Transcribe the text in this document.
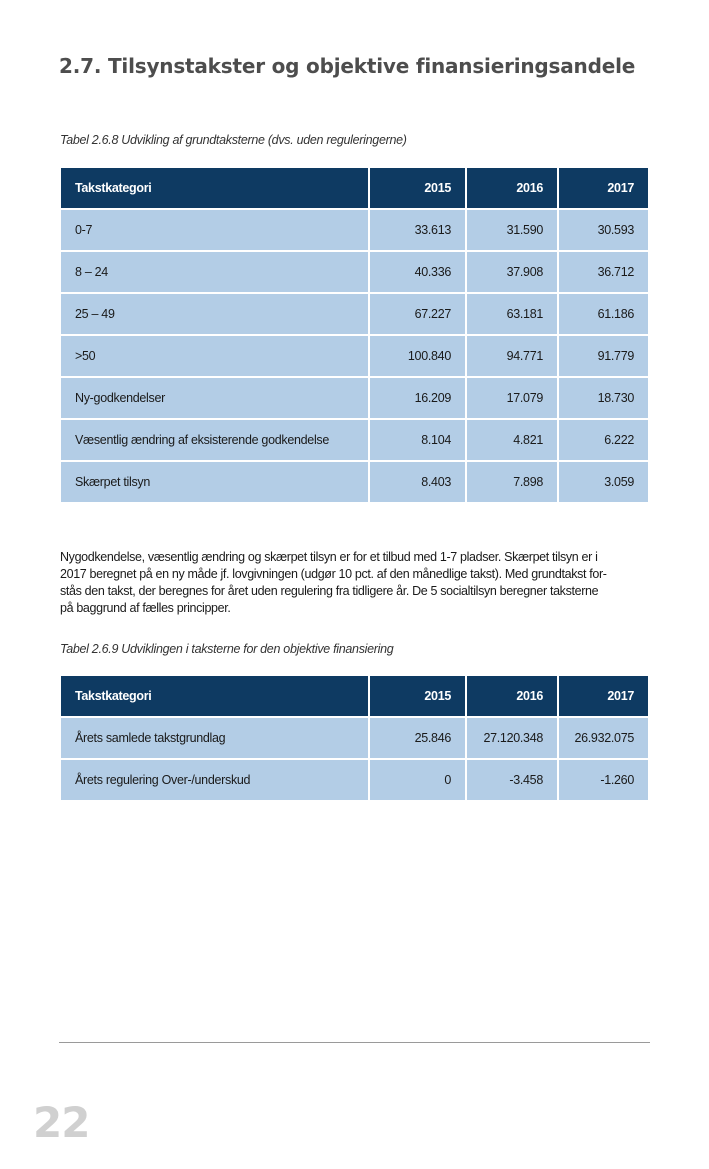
2.7. Tilsynstakster og objektive finansieringsandele
Tabel 2.6.8 Udvikling af grundtaksterne (dvs. uden reguleringerne)
Takstkategori	2015	2016	2017
0-7	33.613	31.590	30.593
8 – 24	40.336	37.908	36.712
25 – 49	67.227	63.181	61.186
>50	100.840	94.771	91.779
Ny-godkendelser	16.209	17.079	18.730
Væsentlig ændring af eksisterende godkendelse	8.104	4.821	6.222
Skærpet tilsyn	8.403	7.898	3.059

Nygodkendelse, væsentlig ændring og skærpet tilsyn er for et tilbud med 1-7 pladser. Skærpet tilsyn er i
2017 beregnet på en ny måde jf. lovgivningen (udgør 10 pct. af den månedlige takst). Med grundtakst for-
stås den takst, der beregnes for året uden regulering fra tidligere år. De 5 socialtilsyn beregner taksterne
på baggrund af fælles principper.

Tabel 2.6.9 Udviklingen i taksterne for den objektive finansiering
Takstkategori	2015	2016	2017
Årets samlede takstgrundlag	25.846	27.120.348	26.932.075
Årets regulering Over-/underskud	0	-3.458	-1.260
22
